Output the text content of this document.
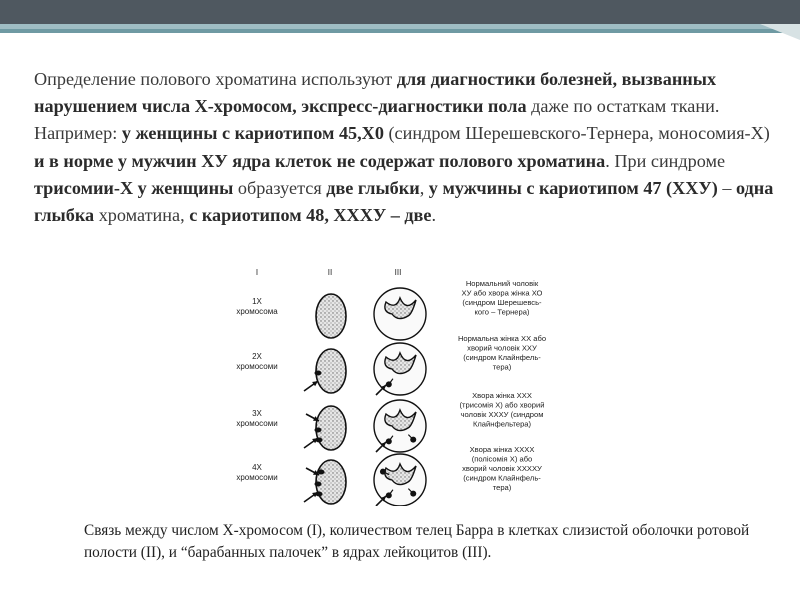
Определение полового хроматина используют для диагностики болезней, вызванных нарушением числа Х-хромосом, экспресс-диагностики пола даже по остаткам ткани. Например: у женщины с кариотипом 45,Х0 (синдром Шерешевского-Тернера, моносомия-Х) и в норме у мужчин ХУ ядра клеток не содержат полового хроматина. При синдроме трисомии-Х у женщины образуется две глыбки, у мужчины с кариотипом 47 (ХХУ) – одна глыбка хроматина, с кариотипом 48, ХХХУ – две.

I	II	III
1X
хромосома
Нормальний чоловік
ХУ або хвора жінка ХО
(синдром Шерешевсь-
кого – Тернера)
2X
хромосоми
Нормальна жінка ХХ або
хворий чоловік ХХУ
(синдром Клайнфель-
тера)
3X
хромосоми
Хвора жінка ХХХ
(трисомія Х) або хворий
чоловік ХХХУ (синдром
Клайнфельтера)
4X
хромосоми
Хвора жінка ХХХХ
(полісомія Х) або
хворий чоловік ХХХХУ
(синдром Клайнфель-
тера)

Связь между числом Х-хромосом (I), количеством телец Барра в клетках слизистой оболочки ротовой полости (II), и “барабанных палочек” в ядрах лейкоцитов (III).
